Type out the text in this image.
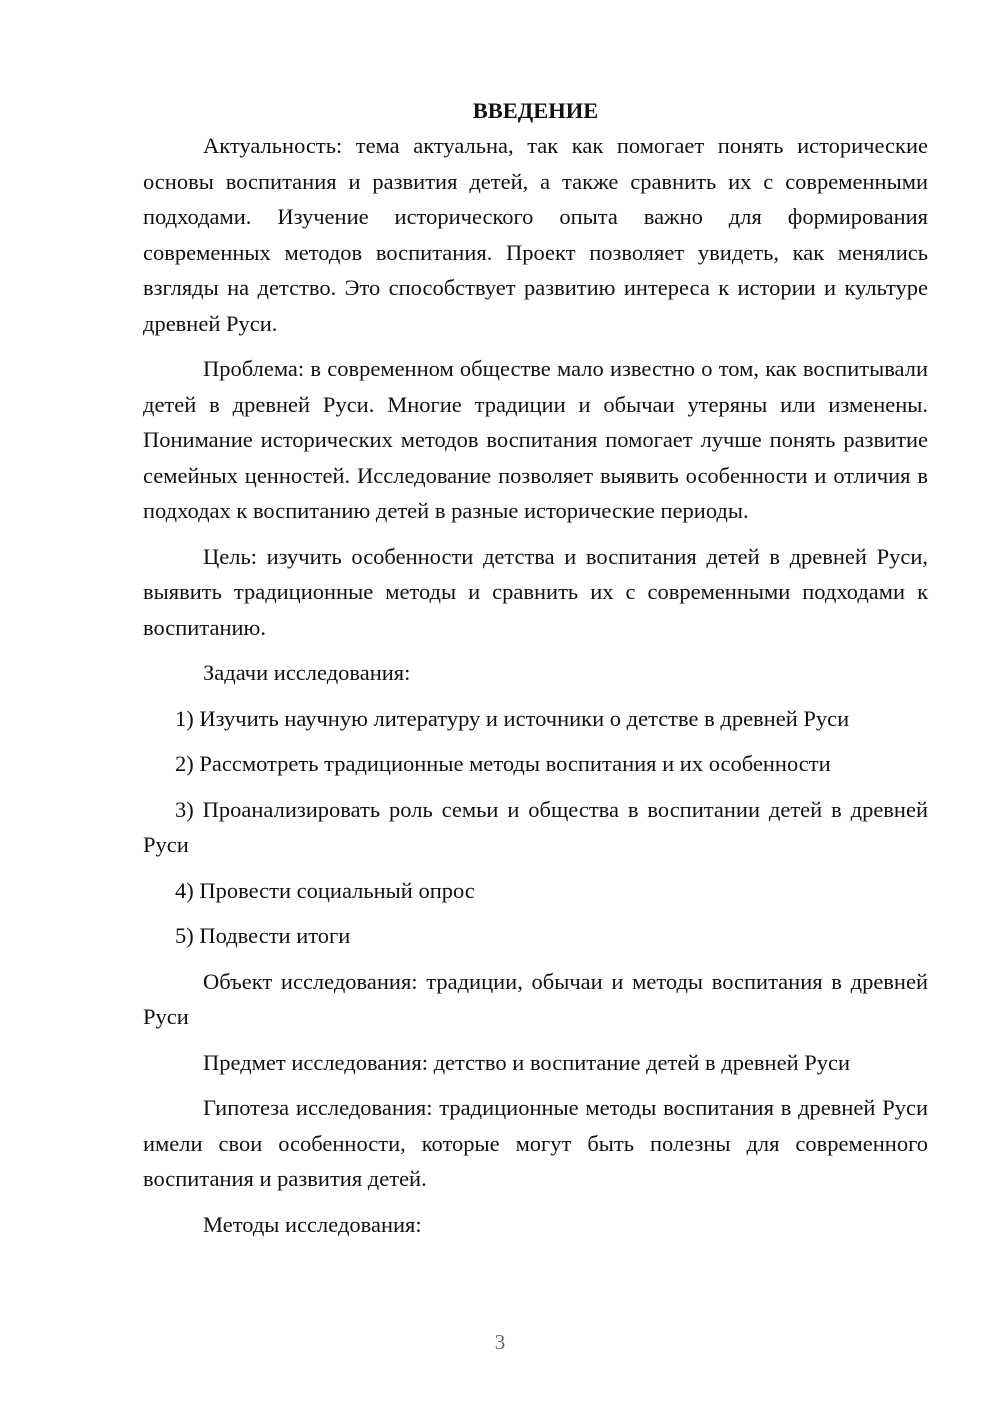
ВВЕДЕНИЕ

Актуальность: тема актуальна, так как помогает понять исторические основы воспитания и развития детей, а также сравнить их с современными подходами. Изучение исторического опыта важно для формирования современных методов воспитания. Проект позволяет увидеть, как менялись взгляды на детство. Это способствует развитию интереса к истории и культуре древней Руси.

Проблема: в современном обществе мало известно о том, как воспитывали детей в древней Руси. Многие традиции и обычаи утеряны или изменены. Понимание исторических методов воспитания помогает лучше понять развитие семейных ценностей. Исследование позволяет выявить особенности и отличия в подходах к воспитанию детей в разные исторические периоды.

Цель: изучить особенности детства и воспитания детей в древней Руси, выявить традиционные методы и сравнить их с современными подходами к воспитанию.

Задачи исследования:

1) Изучить научную литературу и источники о детстве в древней Руси

2) Рассмотреть традиционные методы воспитания и их особенности

3) Проанализировать роль семьи и общества в воспитании детей в древней Руси

4) Провести социальный опрос

5) Подвести итоги

Объект исследования: традиции, обычаи и методы воспитания в древней Руси

Предмет исследования: детство и воспитание детей в древней Руси

Гипотеза исследования: традиционные методы воспитания в древней Руси имели свои особенности, которые могут быть полезны для современного воспитания и развития детей.

Методы исследования:

3
